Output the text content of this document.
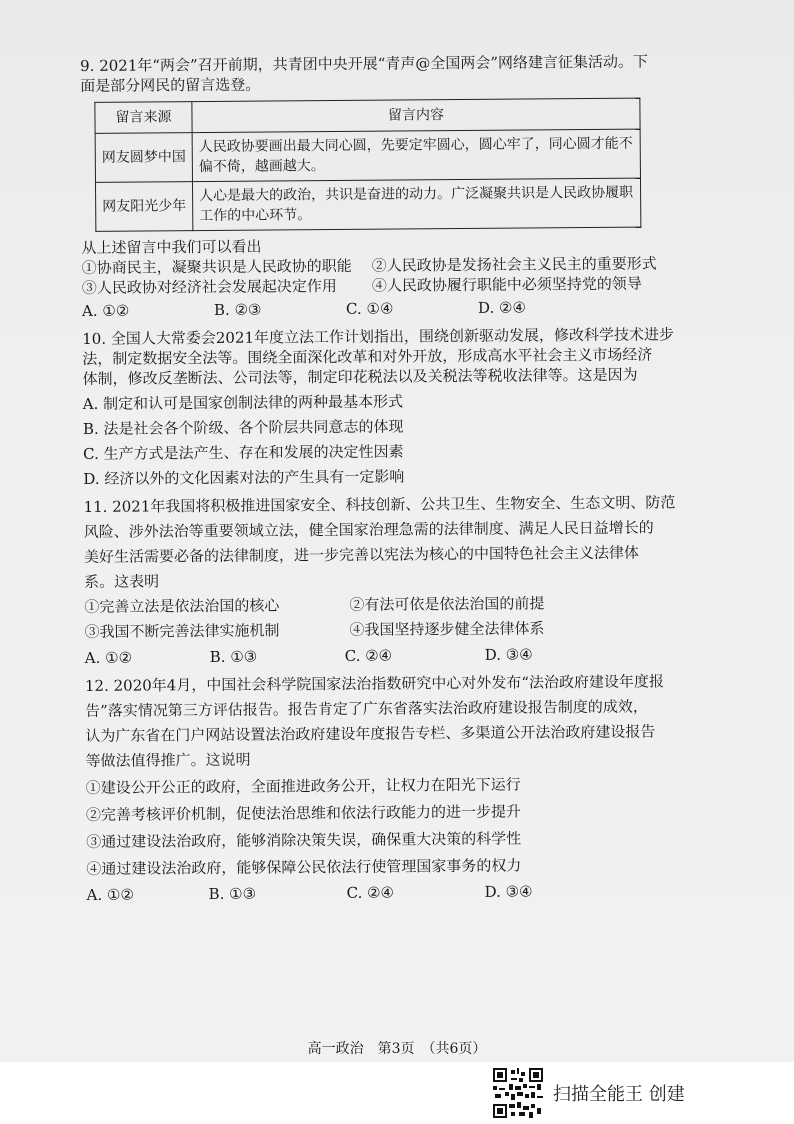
9. 2021年“两会”召开前期，共青团中央开展“青声@全国两会”网络建言征集活动。下
面是部分网民的留言选登。
留言来源	留言内容
网友圆梦中国	人民政协要画出最大同心圆，先要定牢圆心，圆心牢了，同心圆才能不偏不倚，越画越大。
网友阳光少年	人心是最大的政治，共识是奋进的动力。广泛凝聚共识是人民政协履职工作的中心环节。
从上述留言中我们可以看出
①协商民主，凝聚共识是人民政协的职能	②人民政协是发扬社会主义民主的重要形式
③人民政协对经济社会发展起决定作用	④人民政协履行职能中必须坚持党的领导
A. ①②	B. ②③	C. ①④	D. ②④
10. 全国人大常委会2021年度立法工作计划指出，围绕创新驱动发展，修改科学技术进步
法，制定数据安全法等。围绕全面深化改革和对外开放，形成高水平社会主义市场经济
体制，修改反垄断法、公司法等，制定印花税法以及关税法等税收法律等。这是因为
A. 制定和认可是国家创制法律的两种最基本形式
B. 法是社会各个阶级、各个阶层共同意志的体现
C. 生产方式是法产生、存在和发展的决定性因素
D. 经济以外的文化因素对法的产生具有一定影响
11. 2021年我国将积极推进国家安全、科技创新、公共卫生、生物安全、生态文明、防范
风险、涉外法治等重要领域立法，健全国家治理急需的法律制度、满足人民日益增长的
美好生活需要必备的法律制度，进一步完善以宪法为核心的中国特色社会主义法律体
系。这表明
①完善立法是依法治国的核心	②有法可依是依法治国的前提
③我国不断完善法律实施机制	④我国坚持逐步健全法律体系
A. ①②	B. ①③	C. ②④	D. ③④
12. 2020年4月，中国社会科学院国家法治指数研究中心对外发布“法治政府建设年度报
告”落实情况第三方评估报告。报告肯定了广东省落实法治政府建设报告制度的成效，
认为广东省在门户网站设置法治政府建设年度报告专栏、多渠道公开法治政府建设报告
等做法值得推广。这说明
①建设公开公正的政府，全面推进政务公开，让权力在阳光下运行
②完善考核评价机制，促使法治思维和依法行政能力的进一步提升
③通过建设法治政府，能够消除决策失误，确保重大决策的科学性
④通过建设法治政府，能够保障公民依法行使管理国家事务的权力
A. ①②	B. ①③	C. ②④	D. ③④
高一政治　第3页　（共6页）
扫描全能王 创建
